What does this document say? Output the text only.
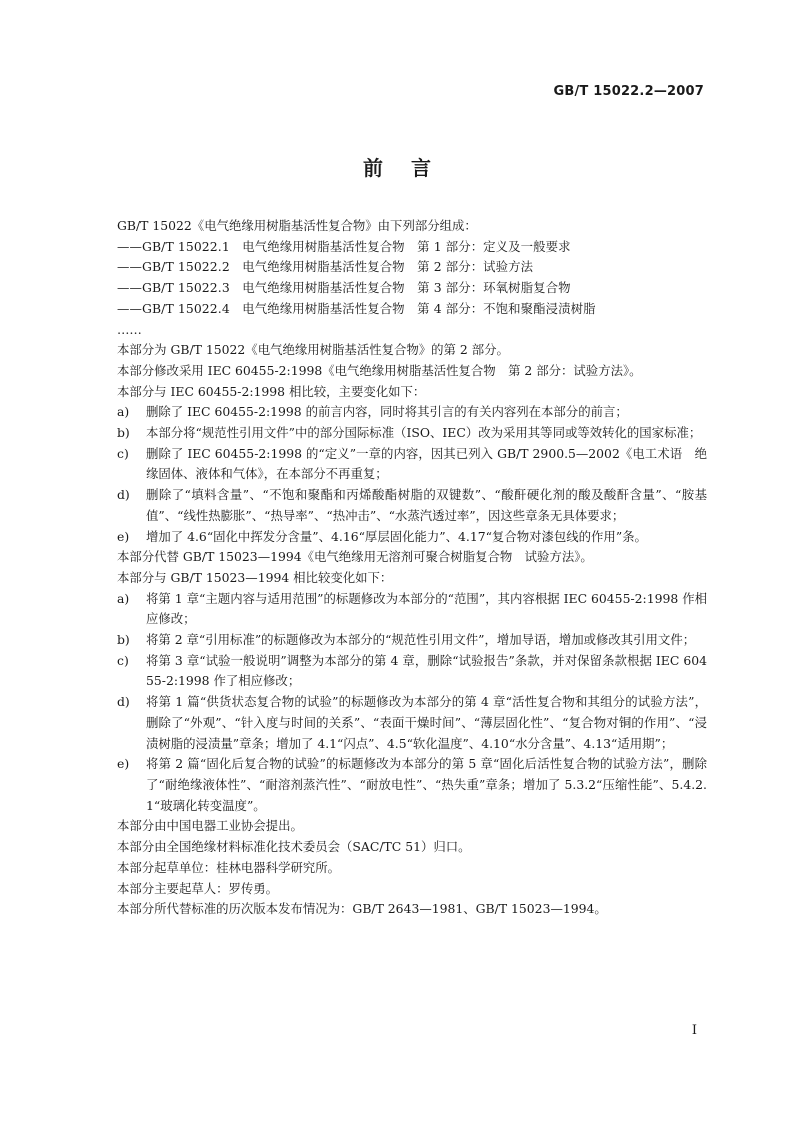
GB/T 15022.2—2007
前言
GB/T 15022《电气绝缘用树脂基活性复合物》由下列部分组成：
——GB/T 15022.1　电气绝缘用树脂基活性复合物　第 1 部分：定义及一般要求
——GB/T 15022.2　电气绝缘用树脂基活性复合物　第 2 部分：试验方法
——GB/T 15022.3　电气绝缘用树脂基活性复合物　第 3 部分：环氧树脂复合物
——GB/T 15022.4　电气绝缘用树脂基活性复合物　第 4 部分：不饱和聚酯浸渍树脂
……
本部分为 GB/T 15022《电气绝缘用树脂基活性复合物》的第 2 部分。
本部分修改采用 IEC 60455-2:1998《电气绝缘用树脂基活性复合物　第 2 部分：试验方法》。
本部分与 IEC 60455-2:1998 相比较，主要变化如下：
a)	删除了 IEC 60455-2:1998 的前言内容，同时将其引言的有关内容列在本部分的前言；
b)	本部分将“规范性引用文件”中的部分国际标准（ISO、IEC）改为采用其等同或等效转化的国家标准；
c)	删除了 IEC 60455-2:1998 的“定义”一章的内容，因其已列入 GB/T 2900.5—2002《电工术语　绝缘固体、液体和气体》，在本部分不再重复；
d)	删除了“填料含量”、“不饱和聚酯和丙烯酸酯树脂的双键数”、“酸酐硬化剂的酸及酸酐含量”、“胺基值”、“线性热膨胀”、“热导率”、“热冲击”、“水蒸汽透过率”，因这些章条无具体要求；
e)	增加了 4.6“固化中挥发分含量”、4.16“厚层固化能力”、4.17“复合物对漆包线的作用”条。
本部分代替 GB/T 15023—1994《电气绝缘用无溶剂可聚合树脂复合物　试验方法》。
本部分与 GB/T 15023—1994 相比较变化如下：
a)	将第 1 章“主题内容与适用范围”的标题修改为本部分的“范围”，其内容根据 IEC 60455-2:1998 作相应修改；
b)	将第 2 章“引用标准”的标题修改为本部分的“规范性引用文件”，增加导语，增加或修改其引用文件；
c)	将第 3 章“试验一般说明”调整为本部分的第 4 章，删除“试验报告”条款，并对保留条款根据 IEC 60455-2:1998 作了相应修改；
d)	将第 1 篇“供货状态复合物的试验”的标题修改为本部分的第 4 章“活性复合物和其组分的试验方法”，删除了“外观”、“针入度与时间的关系”、“表面干燥时间”、“薄层固化性”、“复合物对铜的作用”、“浸渍树脂的浸渍量”章条；增加了 4.1“闪点”、4.5“软化温度”、4.10“水分含量”、4.13“适用期”；
e)	将第 2 篇“固化后复合物的试验”的标题修改为本部分的第 5 章“固化后活性复合物的试验方法”，删除了“耐绝缘液体性”、“耐溶剂蒸汽性”、“耐放电性”、“热失重”章条；增加了 5.3.2“压缩性能”、5.4.2.1“玻璃化转变温度”。
本部分由中国电器工业协会提出。
本部分由全国绝缘材料标准化技术委员会（SAC/TC 51）归口。
本部分起草单位：桂林电器科学研究所。
本部分主要起草人：罗传勇。
本部分所代替标准的历次版本发布情况为：GB/T 2643—1981、GB/T 15023—1994。
I
